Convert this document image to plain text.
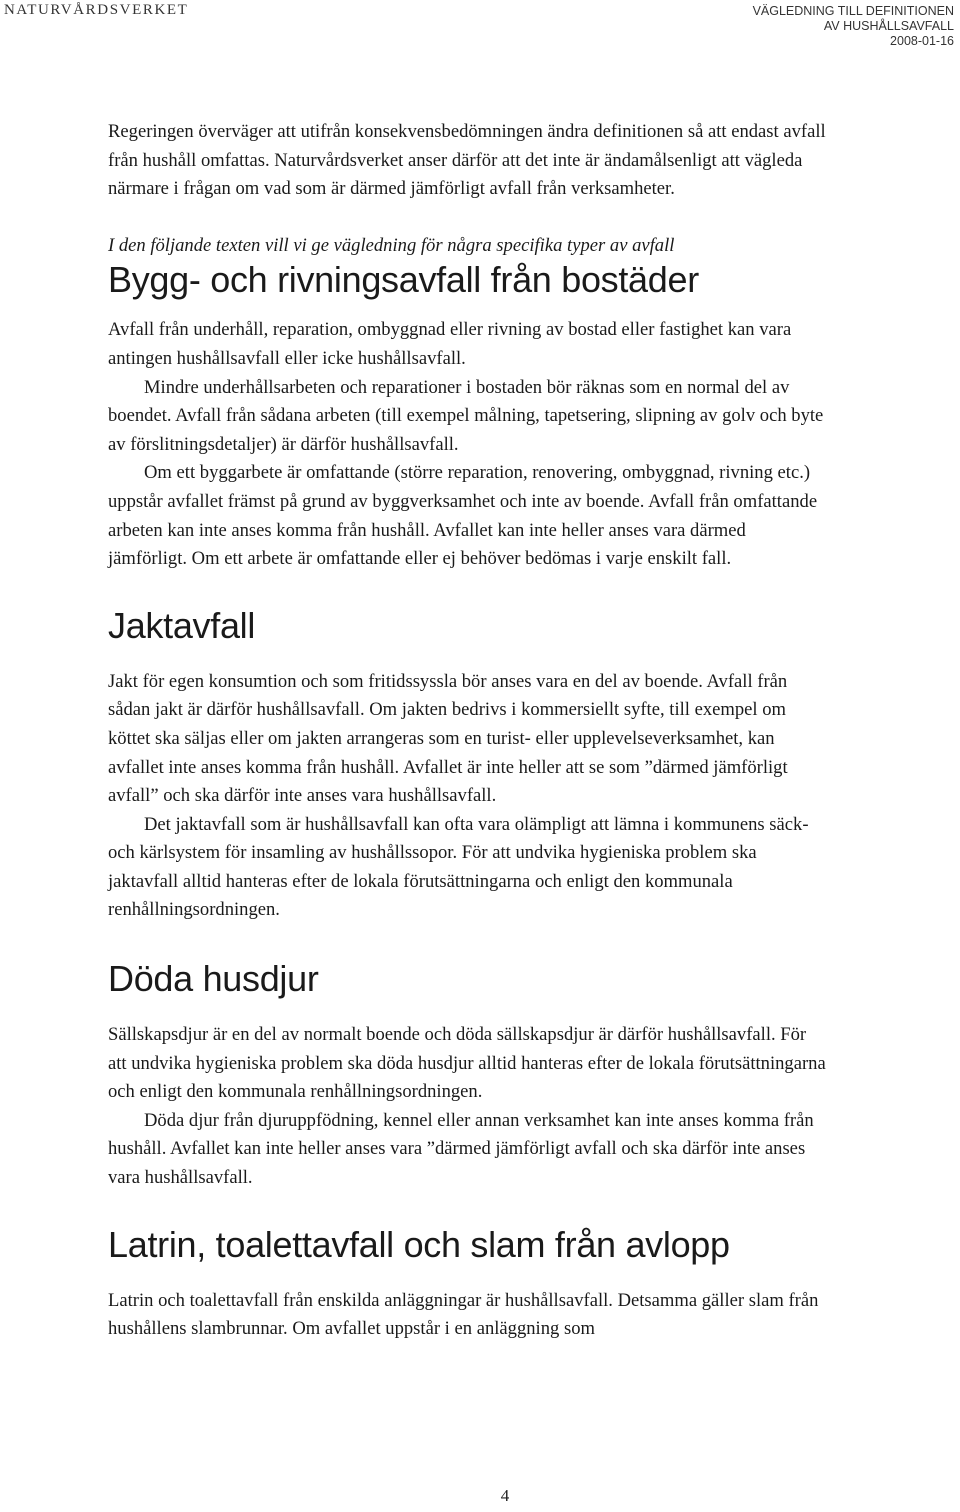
NATURVÅRDSVERKET	VÄGLEDNING TILL DEFINITIONEN
AV HUSHÅLLSAVFALL
2008-01-16

Regeringen överväger att utifrån konsekvensbedömningen ändra definitionen så att endast avfall från hushåll omfattas. Naturvårdsverket anser därför att det inte är ändamålsenligt att vägleda närmare i frågan om vad som är därmed jämförligt avfall från verksamheter.

I den följande texten vill vi ge vägledning för några specifika typer av avfall

Bygg- och rivningsavfall från bostäder

Avfall från underhåll, reparation, ombyggnad eller rivning av bostad eller fastighet kan vara antingen hushållsavfall eller icke hushållsavfall.

Mindre underhållsarbeten och reparationer i bostaden bör räknas som en normal del av boendet. Avfall från sådana arbeten (till exempel målning, tapetsering, slipning av golv och byte av förslitningsdetaljer) är därför hushållsavfall.

Om ett byggarbete är omfattande (större reparation, renovering, ombyggnad, rivning etc.) uppstår avfallet främst på grund av byggverksamhet och inte av boende. Avfall från omfattande arbeten kan inte anses komma från hushåll. Avfallet kan inte heller anses vara därmed jämförligt. Om ett arbete är omfattande eller ej behöver bedömas i varje enskilt fall.

Jaktavfall

Jakt för egen konsumtion och som fritidssyssla bör anses vara en del av boende. Avfall från sådan jakt är därför hushållsavfall. Om jakten bedrivs i kommersiellt syfte, till exempel om köttet ska säljas eller om jakten arrangeras som en turist- eller upplevelseverksamhet, kan avfallet inte anses komma från hushåll. Avfallet är inte heller att se som ”därmed jämförligt avfall” och ska därför inte anses vara hushållsavfall.

Det jaktavfall som är hushållsavfall kan ofta vara olämpligt att lämna i kommunens säck- och kärlsystem för insamling av hushållssopor. För att undvika hygieniska problem ska jaktavfall alltid hanteras efter de lokala förutsättningarna och enligt den kommunala renhållningsordningen.

Döda husdjur

Sällskapsdjur är en del av normalt boende och döda sällskapsdjur är därför hushållsavfall. För att undvika hygieniska problem ska döda husdjur alltid hanteras efter de lokala förutsättningarna och enligt den kommunala renhållningsordningen.

Döda djur från djuruppfödning, kennel eller annan verksamhet kan inte anses komma från hushåll. Avfallet kan inte heller anses vara ”därmed jämförligt avfall och ska därför inte anses vara hushållsavfall.

Latrin, toalettavfall och slam från avlopp

Latrin och toalettavfall från enskilda anläggningar är hushållsavfall. Detsamma gäller slam från hushållens slambrunnar. Om avfallet uppstår i en anläggning som

4
